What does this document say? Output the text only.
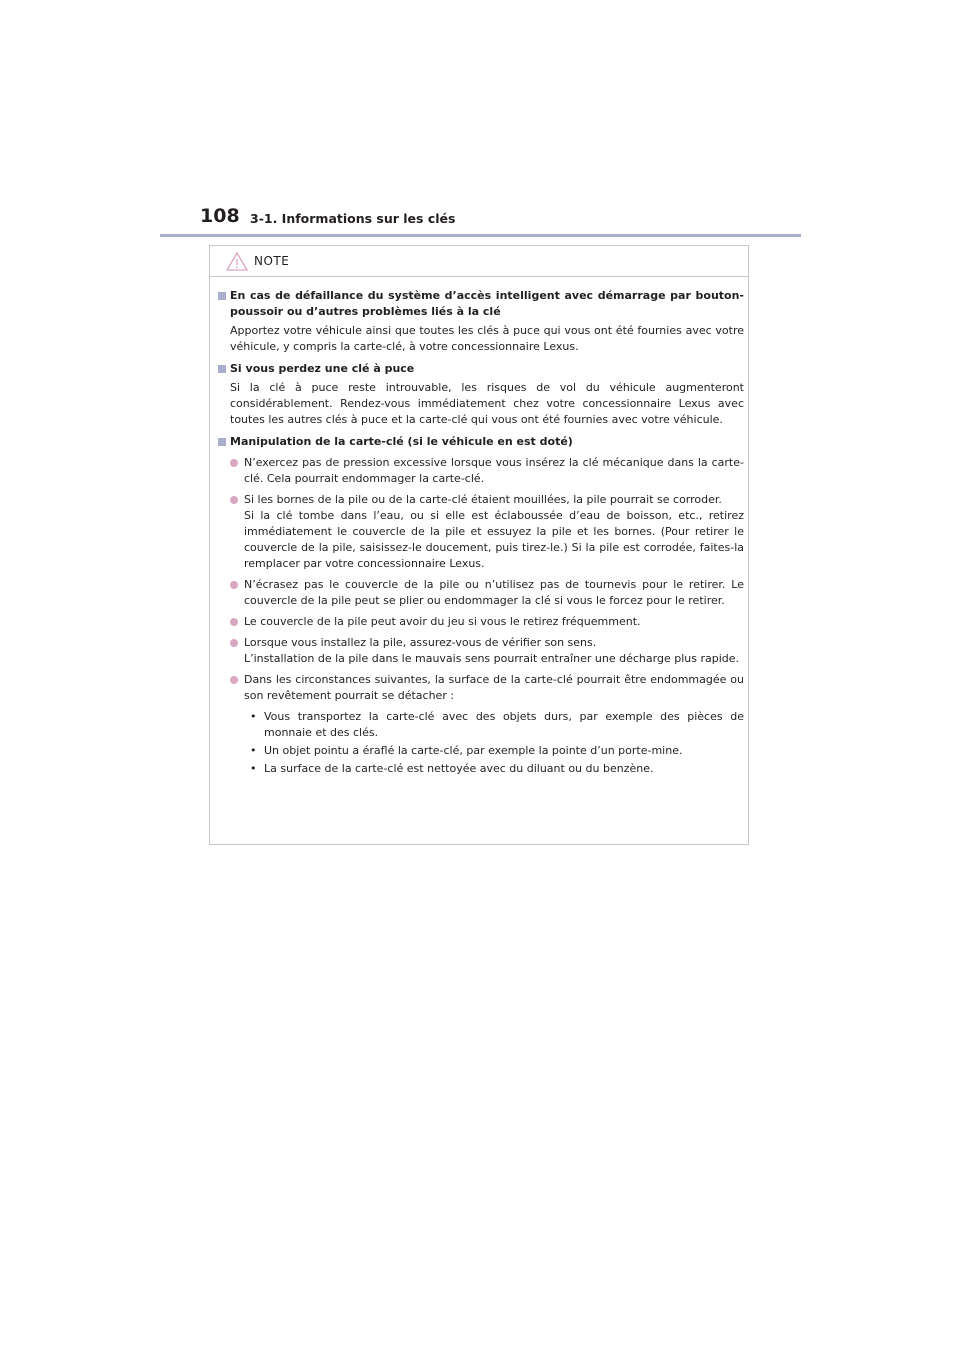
108 3-1. Informations sur les clés
NOTE
En cas de défaillance du système d’accès intelligent avec démarrage par bouton-poussoir ou d’autres problèmes liés à la clé
Apportez votre véhicule ainsi que toutes les clés à puce qui vous ont été fournies avec votre véhicule, y compris la carte-clé, à votre concessionnaire Lexus.
Si vous perdez une clé à puce
Si la clé à puce reste introuvable, les risques de vol du véhicule augmenteront considérablement. Rendez-vous immédiatement chez votre concessionnaire Lexus avec toutes les autres clés à puce et la carte-clé qui vous ont été fournies avec votre véhicule.
Manipulation de la carte-clé (si le véhicule en est doté)
N’exercez pas de pression excessive lorsque vous insérez la clé mécanique dans la carte-clé. Cela pourrait endommager la carte-clé.
Si les bornes de la pile ou de la carte-clé étaient mouillées, la pile pourrait se corroder.
Si la clé tombe dans l’eau, ou si elle est éclaboussée d’eau de boisson, etc., retirez immédiatement le couvercle de la pile et essuyez la pile et les bornes. (Pour retirer le couvercle de la pile, saisissez-le doucement, puis tirez-le.) Si la pile est corrodée, faites-la remplacer par votre concessionnaire Lexus.
N’écrasez pas le couvercle de la pile ou n’utilisez pas de tournevis pour le retirer. Le couvercle de la pile peut se plier ou endommager la clé si vous le forcez pour le retirer.
Le couvercle de la pile peut avoir du jeu si vous le retirez fréquemment.
Lorsque vous installez la pile, assurez-vous de vérifier son sens.
L’installation de la pile dans le mauvais sens pourrait entraîner une décharge plus rapide.
Dans les circonstances suivantes, la surface de la carte-clé pourrait être endommagée ou son revêtement pourrait se détacher :
• Vous transportez la carte-clé avec des objets durs, par exemple des pièces de monnaie et des clés.
• Un objet pointu a éraflé la carte-clé, par exemple la pointe d’un porte-mine.
• La surface de la carte-clé est nettoyée avec du diluant ou du benzène.
